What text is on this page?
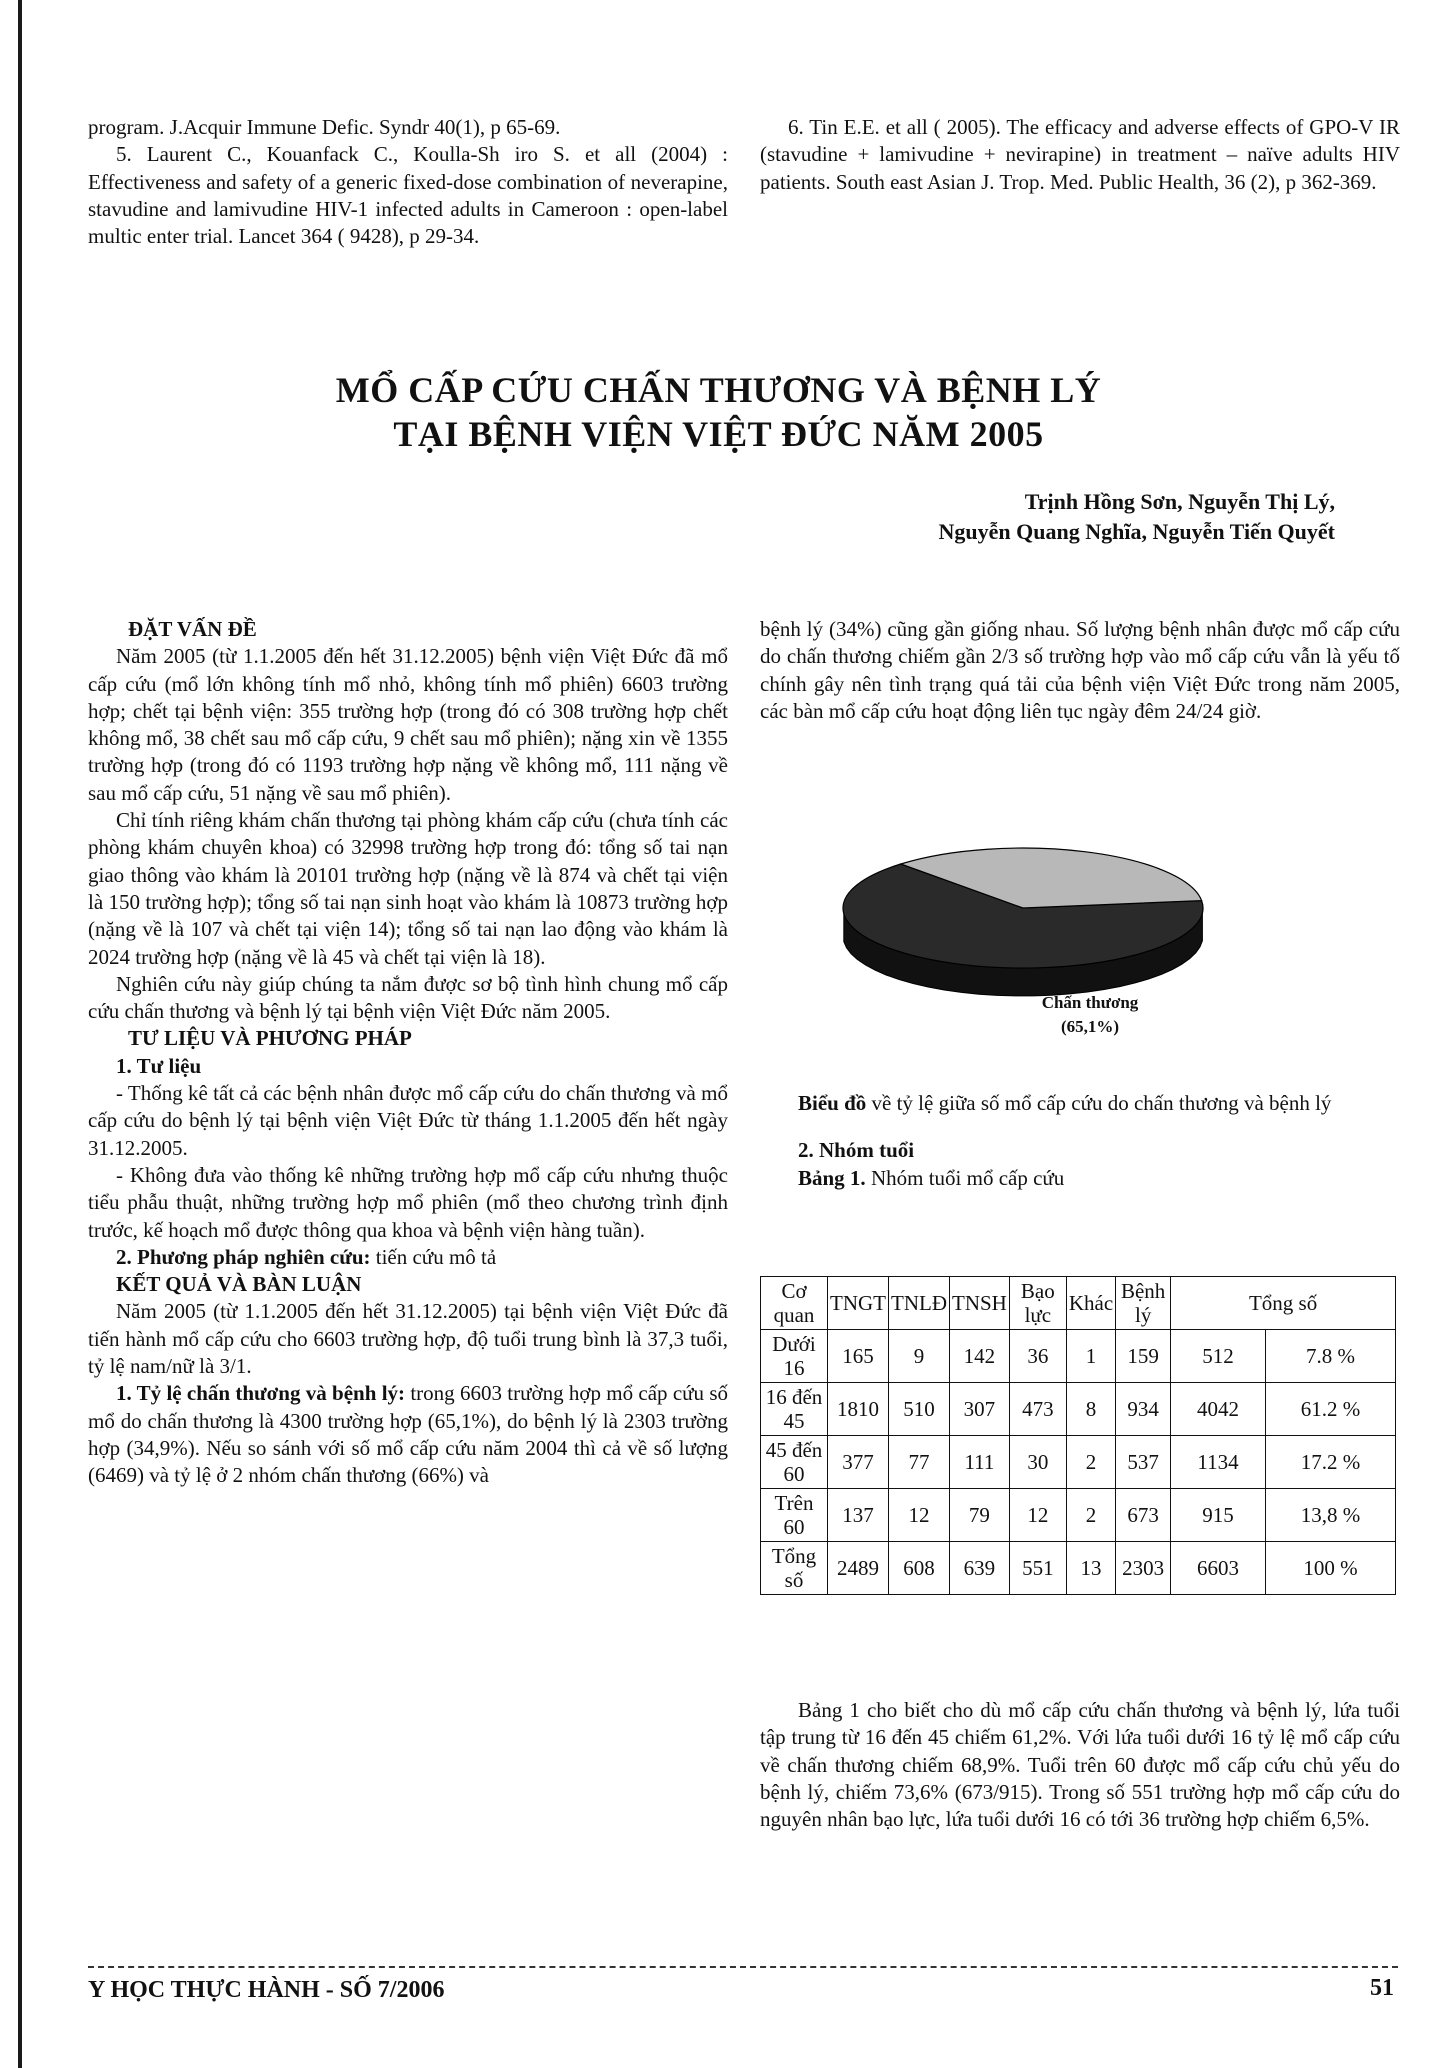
program. J.Acquir Immune Defic. Syndr 40(1), p 65-69.

5. Laurent C., Kouanfack C., Koulla-Sh iro S. et all (2004) : Effectiveness and safety of a generic fixed-dose combination of neverapine, stavudine and lamivudine HIV-1 infected adults in Cameroon : open-label multic enter trial. Lancet 364 ( 9428), p 29-34.

6. Tin E.E. et all ( 2005). The efficacy and adverse effects of GPO-V IR (stavudine + lamivudine + nevirapine) in treatment – naïve adults HIV patients. South east Asian J. Trop. Med. Public Health, 36 (2), p 362-369.

MỔ CẤP CỨU CHẤN THƯƠNG VÀ BỆNH LÝ
TẠI BỆNH VIỆN VIỆT ĐỨC NĂM 2005
Trịnh Hồng Sơn, Nguyễn Thị Lý,
Nguyễn Quang Nghĩa, Nguyễn Tiến Quyết

ĐẶT VẤN ĐỀ

Năm 2005 (từ 1.1.2005 đến hết 31.12.2005) bệnh viện Việt Đức đã mổ cấp cứu (mổ lớn không tính mổ nhỏ, không tính mổ phiên) 6603 trường hợp; chết tại bệnh viện: 355 trường hợp (trong đó có 308 trường hợp chết không mổ, 38 chết sau mổ cấp cứu, 9 chết sau mổ phiên); nặng xin về 1355 trường hợp (trong đó có 1193 trường hợp nặng về không mổ, 111 nặng về sau mổ cấp cứu, 51 nặng về sau mổ phiên).

Chỉ tính riêng khám chấn thương tại phòng khám cấp cứu (chưa tính các phòng khám chuyên khoa) có 32998 trường hợp trong đó: tổng số tai nạn giao thông vào khám là 20101 trường hợp (nặng về là 874 và chết tại viện là 150 trường hợp); tổng số tai nạn sinh hoạt vào khám là 10873 trường hợp (nặng về là 107 và chết tại viện 14); tổng số tai nạn lao động vào khám là 2024 trường hợp (nặng về là 45 và chết tại viện là 18).

Nghiên cứu này giúp chúng ta nắm được sơ bộ tình hình chung mổ cấp cứu chấn thương và bệnh lý tại bệnh viện Việt Đức năm 2005.

TƯ LIỆU VÀ PHƯƠNG PHÁP

1. Tư liệu

- Thống kê tất cả các bệnh nhân được mổ cấp cứu do chấn thương và mổ cấp cứu do bệnh lý tại bệnh viện Việt Đức từ tháng 1.1.2005 đến hết ngày 31.12.2005.

- Không đưa vào thống kê những trường hợp mổ cấp cứu nhưng thuộc tiểu phẫu thuật, những trường hợp mổ phiên (mổ theo chương trình định trước, kế hoạch mổ được thông qua khoa và bệnh viện hàng tuần).

2. Phương pháp nghiên cứu: tiến cứu mô tả

KẾT QUẢ VÀ BÀN LUẬN

Năm 2005 (từ 1.1.2005 đến hết 31.12.2005) tại bệnh viện Việt Đức đã tiến hành mổ cấp cứu cho 6603 trường hợp, độ tuổi trung bình là 37,3 tuổi, tỷ lệ nam/nữ là 3/1.

1. Tỷ lệ chấn thương và bệnh lý: trong 6603 trường hợp mổ cấp cứu số mổ do chấn thương là 4300 trường hợp (65,1%), do bệnh lý là 2303 trường hợp (34,9%). Nếu so sánh với số mổ cấp cứu năm 2004 thì cả về số lượng (6469) và tỷ lệ ở 2 nhóm chấn thương (66%) và

bệnh lý (34%) cũng gần giống nhau. Số lượng bệnh nhân được mổ cấp cứu do chấn thương chiếm gần 2/3 số trường hợp vào mổ cấp cứu vẫn là yếu tố chính gây nên tình trạng quá tải của bệnh viện Việt Đức trong năm 2005, các bàn mổ cấp cứu hoạt động liên tục ngày đêm 24/24 giờ.

Chấn thương
(65,1%)

Biểu đồ về tỷ lệ giữa số mổ cấp cứu do chấn thương và bệnh lý

2. Nhóm tuổi

Bảng 1. Nhóm tuổi mổ cấp cứu

Cơ quan	TNGT	TNLĐ	TNSH	Bạo lực	Khác	Bệnh lý	Tổng số	
Dưới 16	165	9	142	36	1	159	512	7.8 %
16 đến 45	1810	510	307	473	8	934	4042	61.2 %
45 đến 60	377	77	111	30	2	537	1134	17.2 %
Trên 60	137	12	79	12	2	673	915	13,8 %
Tổng số	2489	608	639	551	13	2303	6603	100 %

Bảng 1 cho biết cho dù mổ cấp cứu chấn thương và bệnh lý, lứa tuổi tập trung từ 16 đến 45 chiếm 61,2%. Với lứa tuổi dưới 16 tỷ lệ mổ cấp cứu về chấn thương chiếm 68,9%. Tuổi trên 60 được mổ cấp cứu chủ yếu do bệnh lý, chiếm 73,6% (673/915). Trong số 551 trường hợp mổ cấp cứu do nguyên nhân bạo lực, lứa tuổi dưới 16 có tới 36 trường hợp chiếm 6,5%.

Y HỌC THỰC HÀNH - SỐ 7/2006	51
